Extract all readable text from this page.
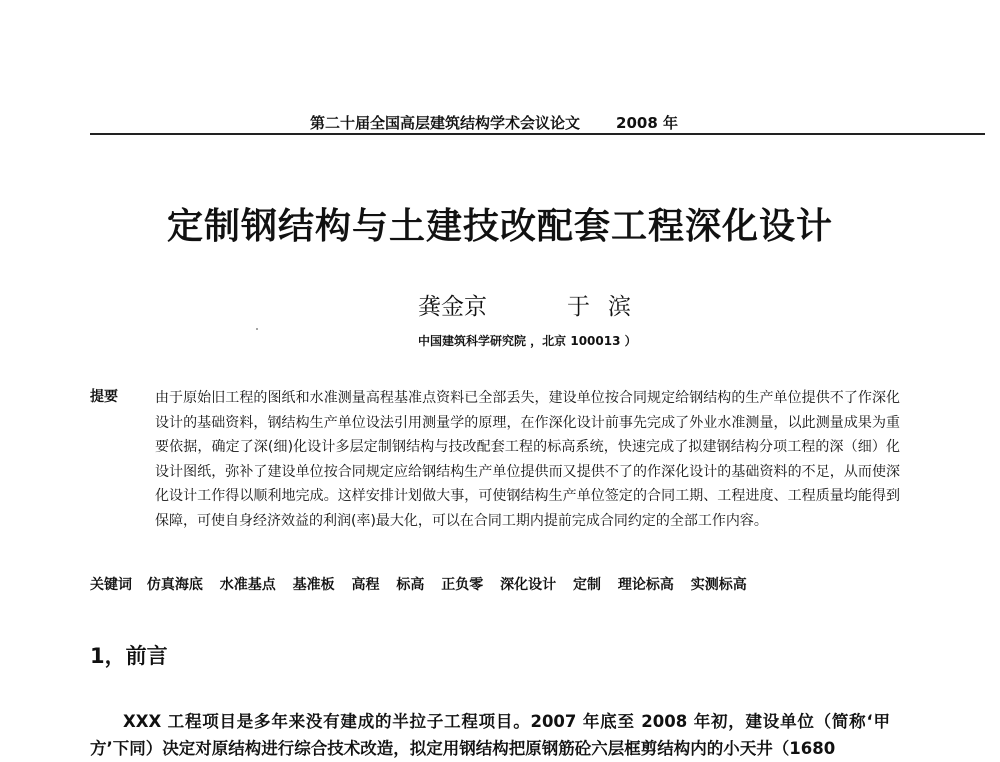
第二十届全国高层建筑结构学术会议论文 2008 年
定制钢结构与土建技改配套工程深化设计
龚金京	于滨
中国建筑科学研究院 ，北京 100013 ）
提要	由于原始旧工程的图纸和水准测量高程基准点资料已全部丢失，建设单位按合同规定给钢结构的生产单位提供不了作深化设计的基础资料，钢结构生产单位设法引用测量学的原理，在作深化设计前事先完成了外业水准测量，以此测量成果为重要依据，确定了深(细)化设计多层定制钢结构与技改配套工程的标高系统，快速完成了拟建钢结构分项工程的深（细）化设计图纸，弥补了建设单位按合同规定应给钢结构生产单位提供而又提供不了的作深化设计的基础资料的不足，从而使深化设计工作得以顺利地完成。这样安排计划做大事，可使钢结构生产单位签定的合同工期、工程进度、工程质量均能得到保障，可使自身经济效益的利润(率)最大化，可以在合同工期内提前完成合同约定的全部工作内容。
关键词 仿真海底 水准基点 基准板 高程 标高 正负零 深化设计 定制 理论标高 实测标高
1，前言
XXX 工程项目是多年来没有建成的半拉子工程项目。2007 年底至 2008 年初，建设单位（简称‘甲方’下同）决定对原结构进行综合技术改造，拟定用钢结构把原钢筋砼六层框剪结构内的小天井（1680
